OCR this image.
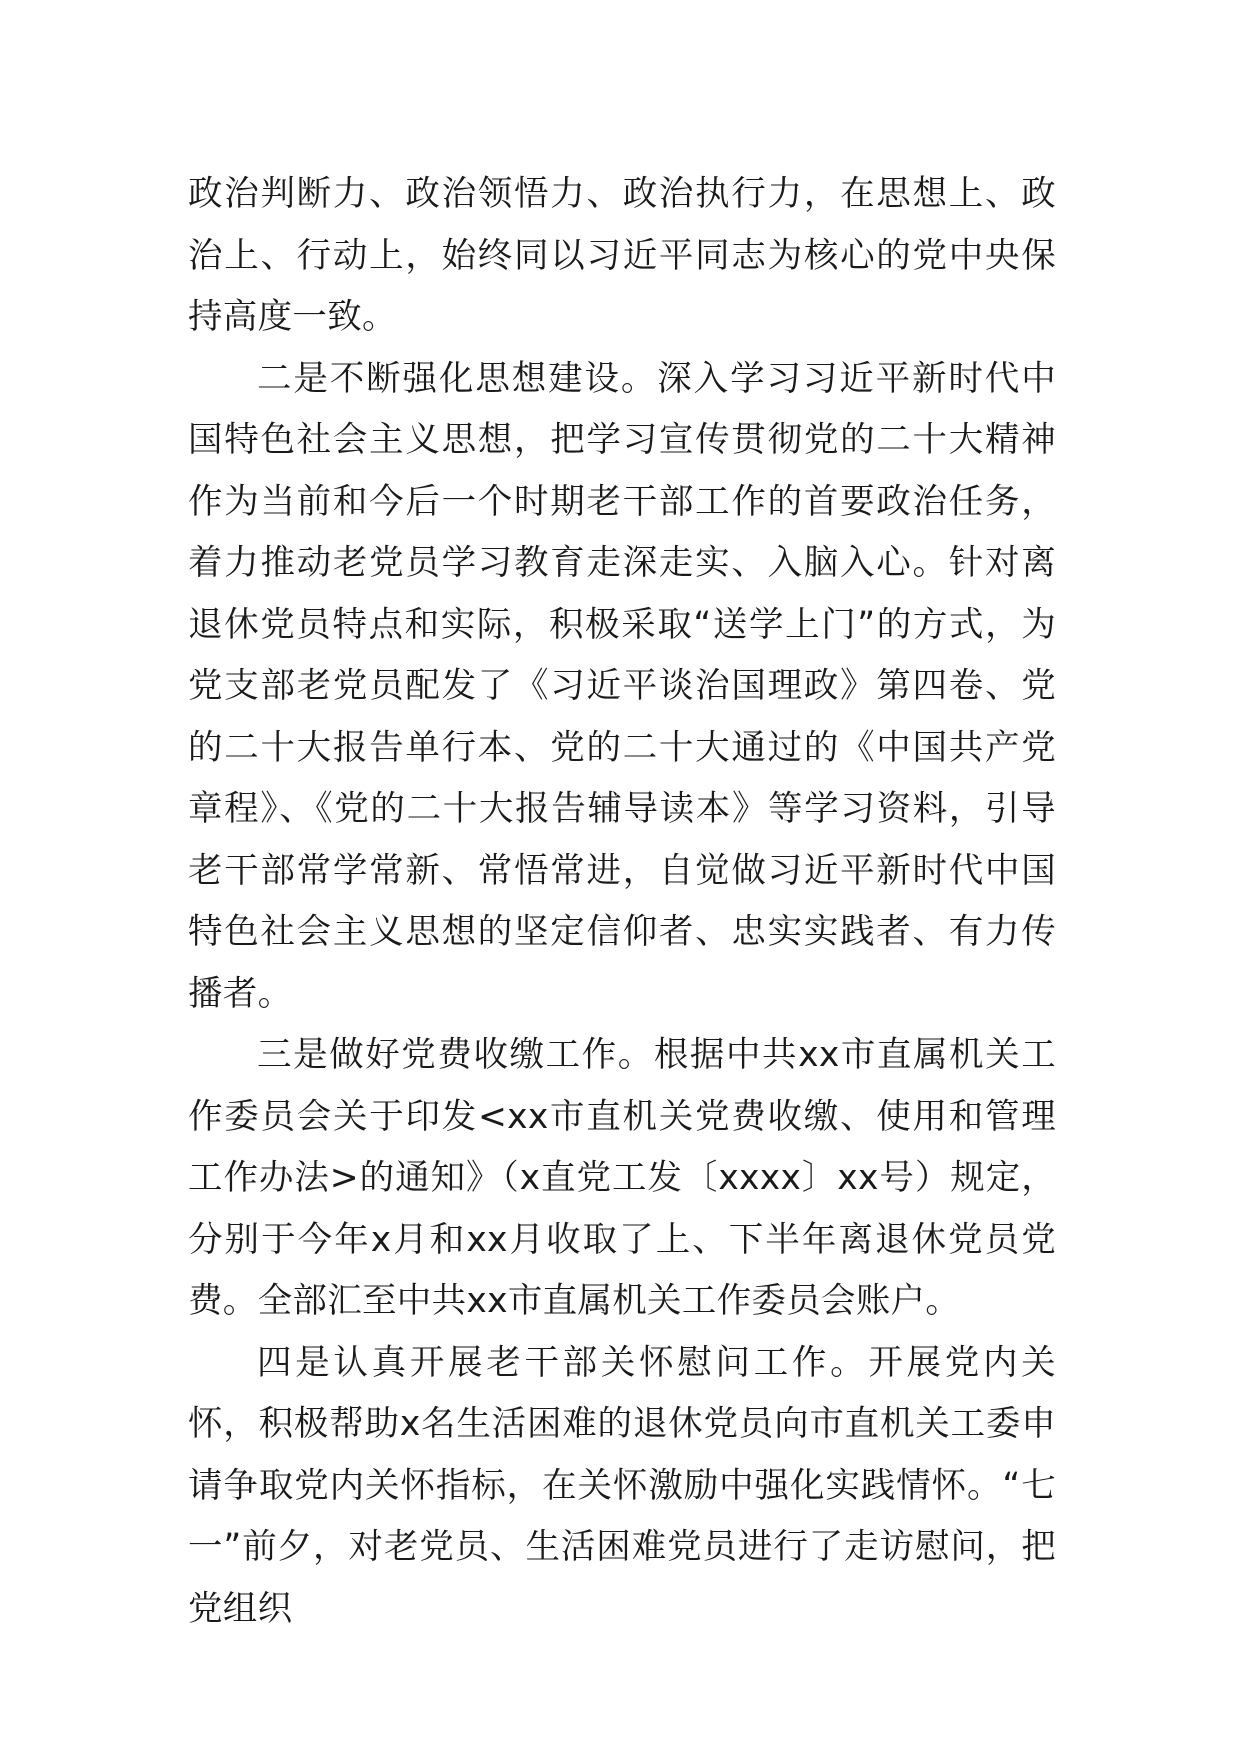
政治判断力、政治领悟力、政治执行力，在思想上、政治上、行动上，始终同以习近平同志为核心的党中央保持高度一致。

二是不断强化思想建设。深入学习习近平新时代中国特色社会主义思想，把学习宣传贯彻党的二十大精神作为当前和今后一个时期老干部工作的首要政治任务，着力推动老党员学习教育走深走实、入脑入心。针对离退休党员特点和实际，积极采取“送学上门”的方式，为党支部老党员配发了《习近平谈治国理政》第四卷、党的二十大报告单行本、党的二十大通过的《中国共产党章程》、《党的二十大报告辅导读本》等学习资料，引导老干部常学常新、常悟常进，自觉做习近平新时代中国特色社会主义思想的坚定信仰者、忠实实践者、有力传播者。

三是做好党费收缴工作。根据中共xx市直属机关工作委员会关于印发<xx市直机关党费收缴、使用和管理工作办法>的通知》（x直党工发〔xxxx〕xx号）规定，分别于今年x月和xx月收取了上、下半年离退休党员党费。全部汇至中共xx市直属机关工作委员会账户。

四是认真开展老干部关怀慰问工作。开展党内关怀，积极帮助x名生活困难的退休党员向市直机关工委申请争取党内关怀指标，在关怀激励中强化实践情怀。“七一”前夕，对老党员、生活困难党员进行了走访慰问，把党组织
